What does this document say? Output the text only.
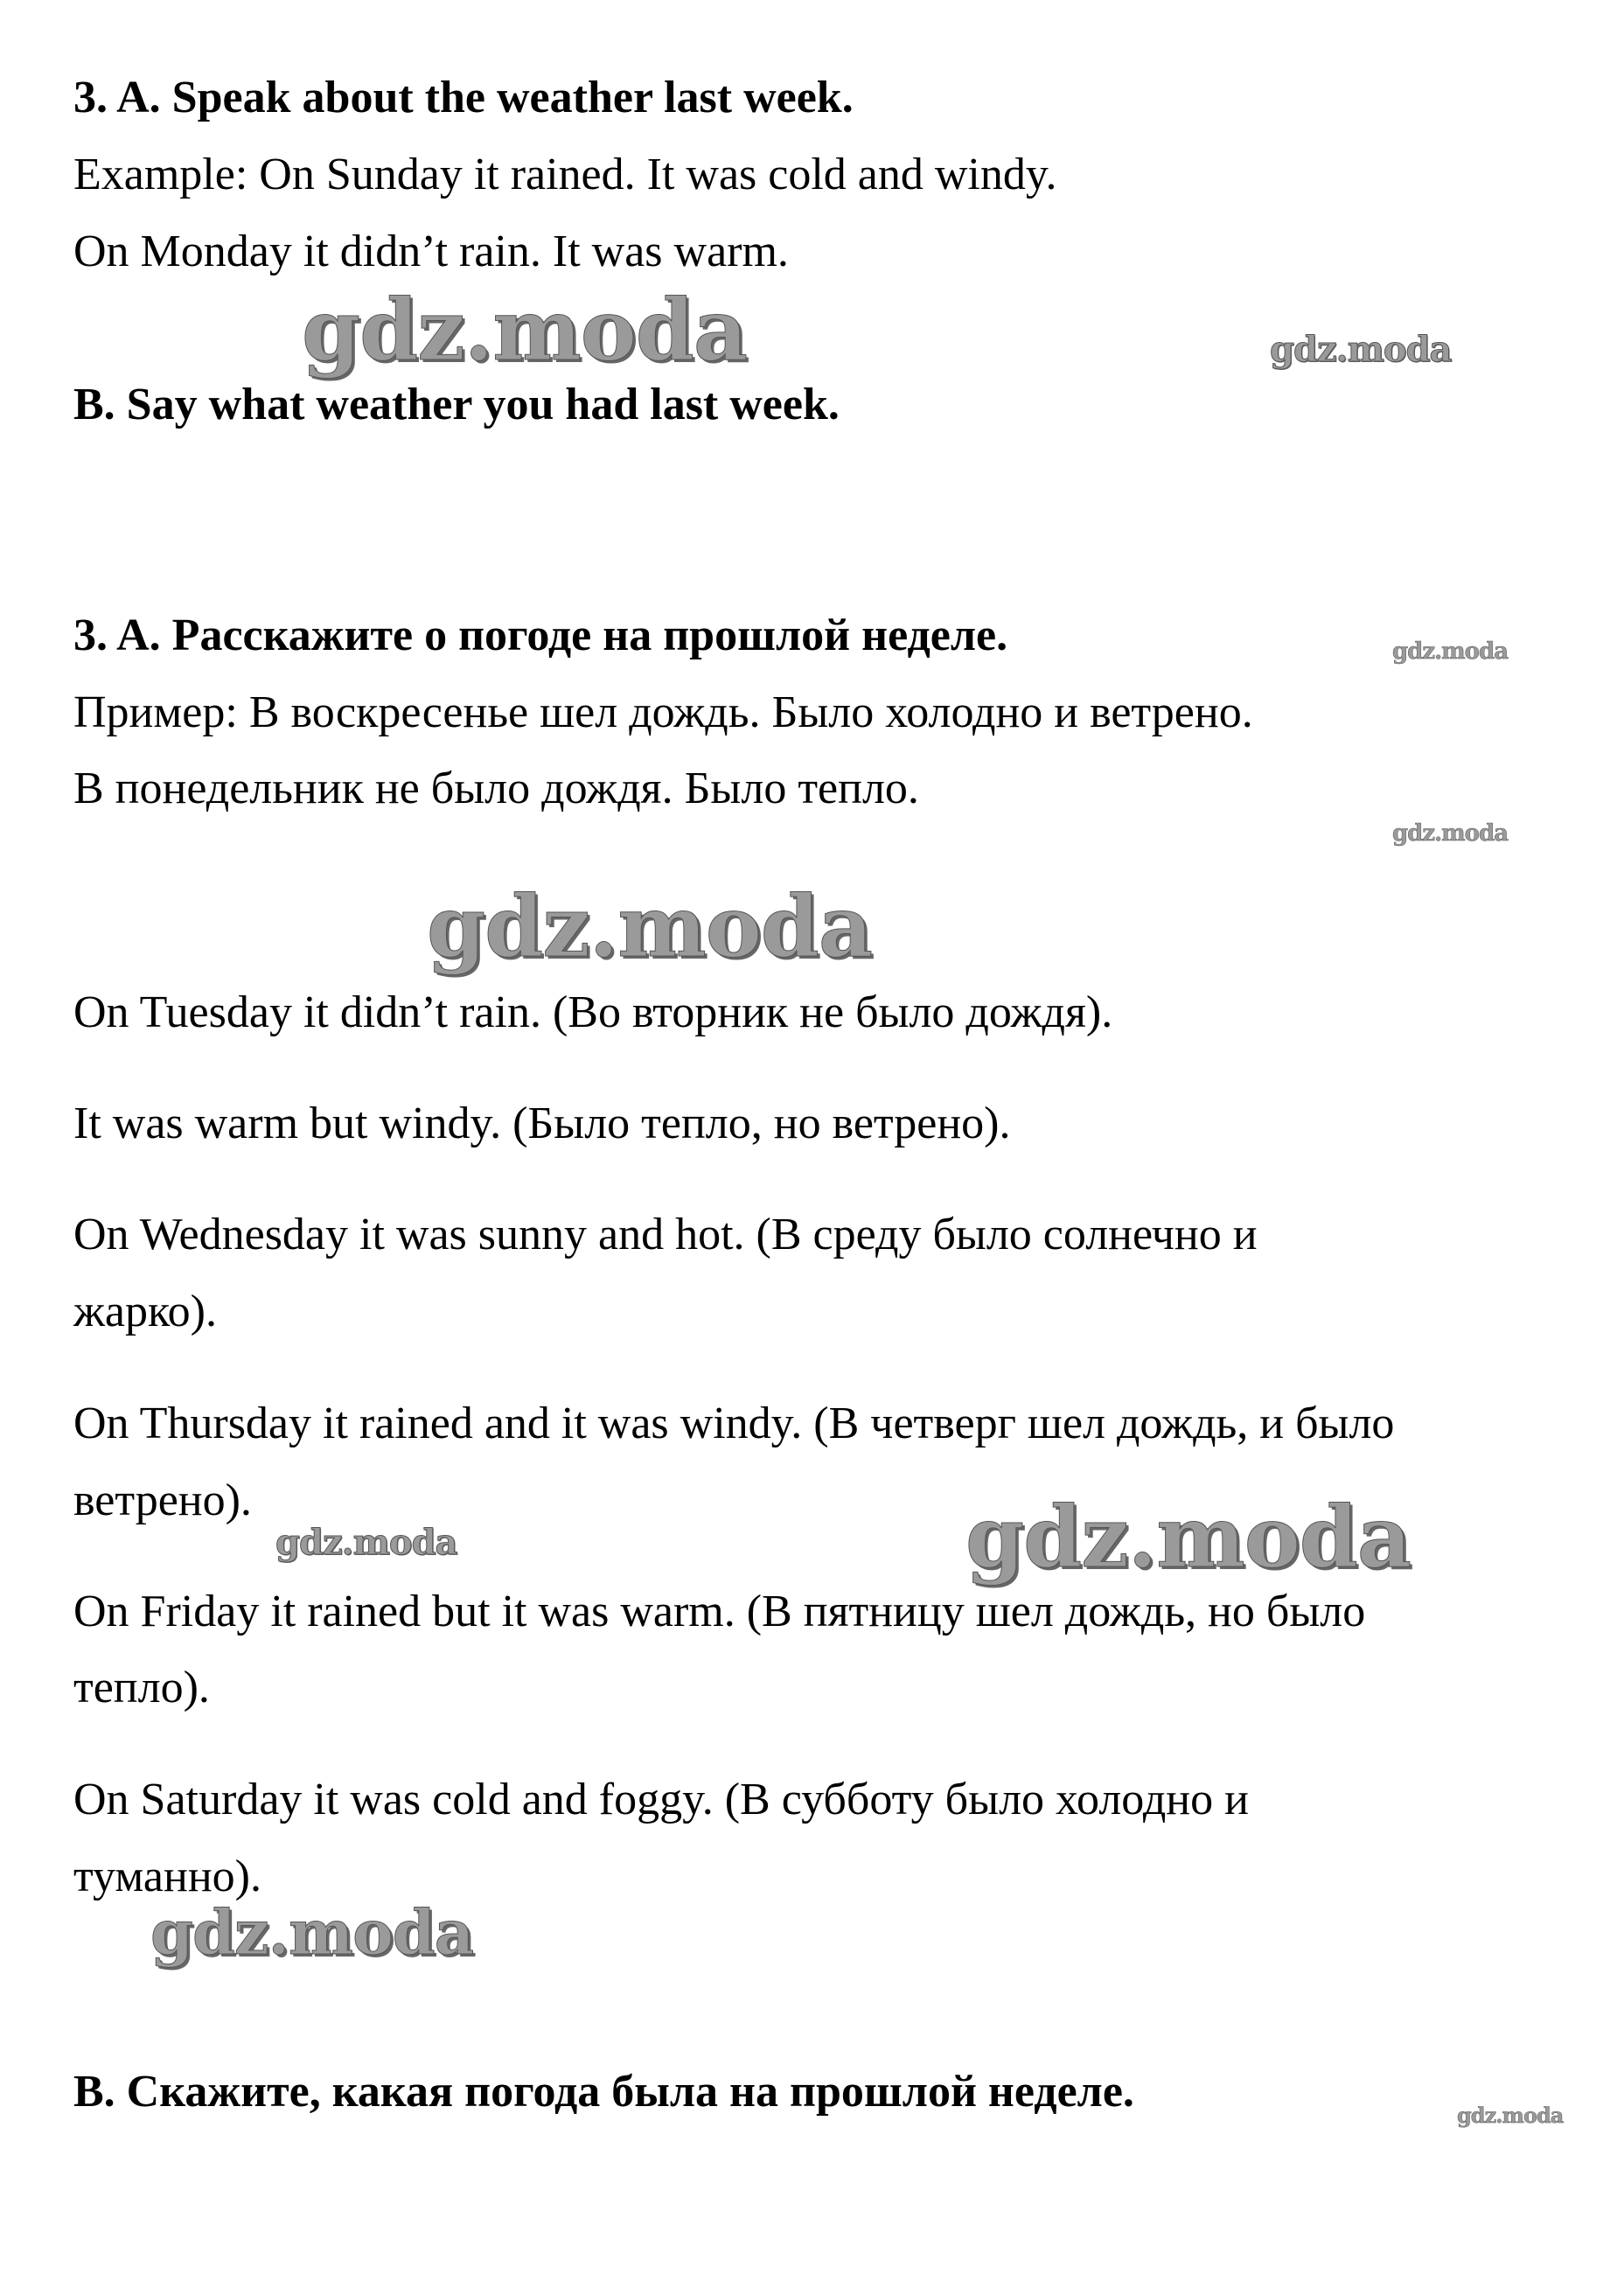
3. A. Speak about the weather last week.

Example: On Sunday it rained. It was cold and windy.

On Monday it didn’t rain. It was warm.

B. Say what weather you had last week.

3. A. Расскажите о погоде на прошлой неделе.

Пример: В воскресенье шел дождь. Было холодно и ветрено.

В понедельник не было дождя. Было тепло.

On Tuesday it didn’t rain. (Во вторник не было дождя).

It was warm but windy. (Было тепло, но ветрено).

On Wednesday it was sunny and hot. (В среду было солнечно и

жарко).

On Thursday it rained and it was windy. (В четверг шел дождь, и было

ветрено).

On Friday it rained but it was warm. (В пятницу шел дождь, но было

тепло).

On Saturday it was cold and foggy. (В субботу было холодно и

туманно).

B. Скажите, какая погода была на прошлой неделе.

gdz.moda	gdz.moda
gdz.moda
gdz.moda
gdz.moda
gdz.moda	gdz.moda
gdz.moda
gdz.moda
